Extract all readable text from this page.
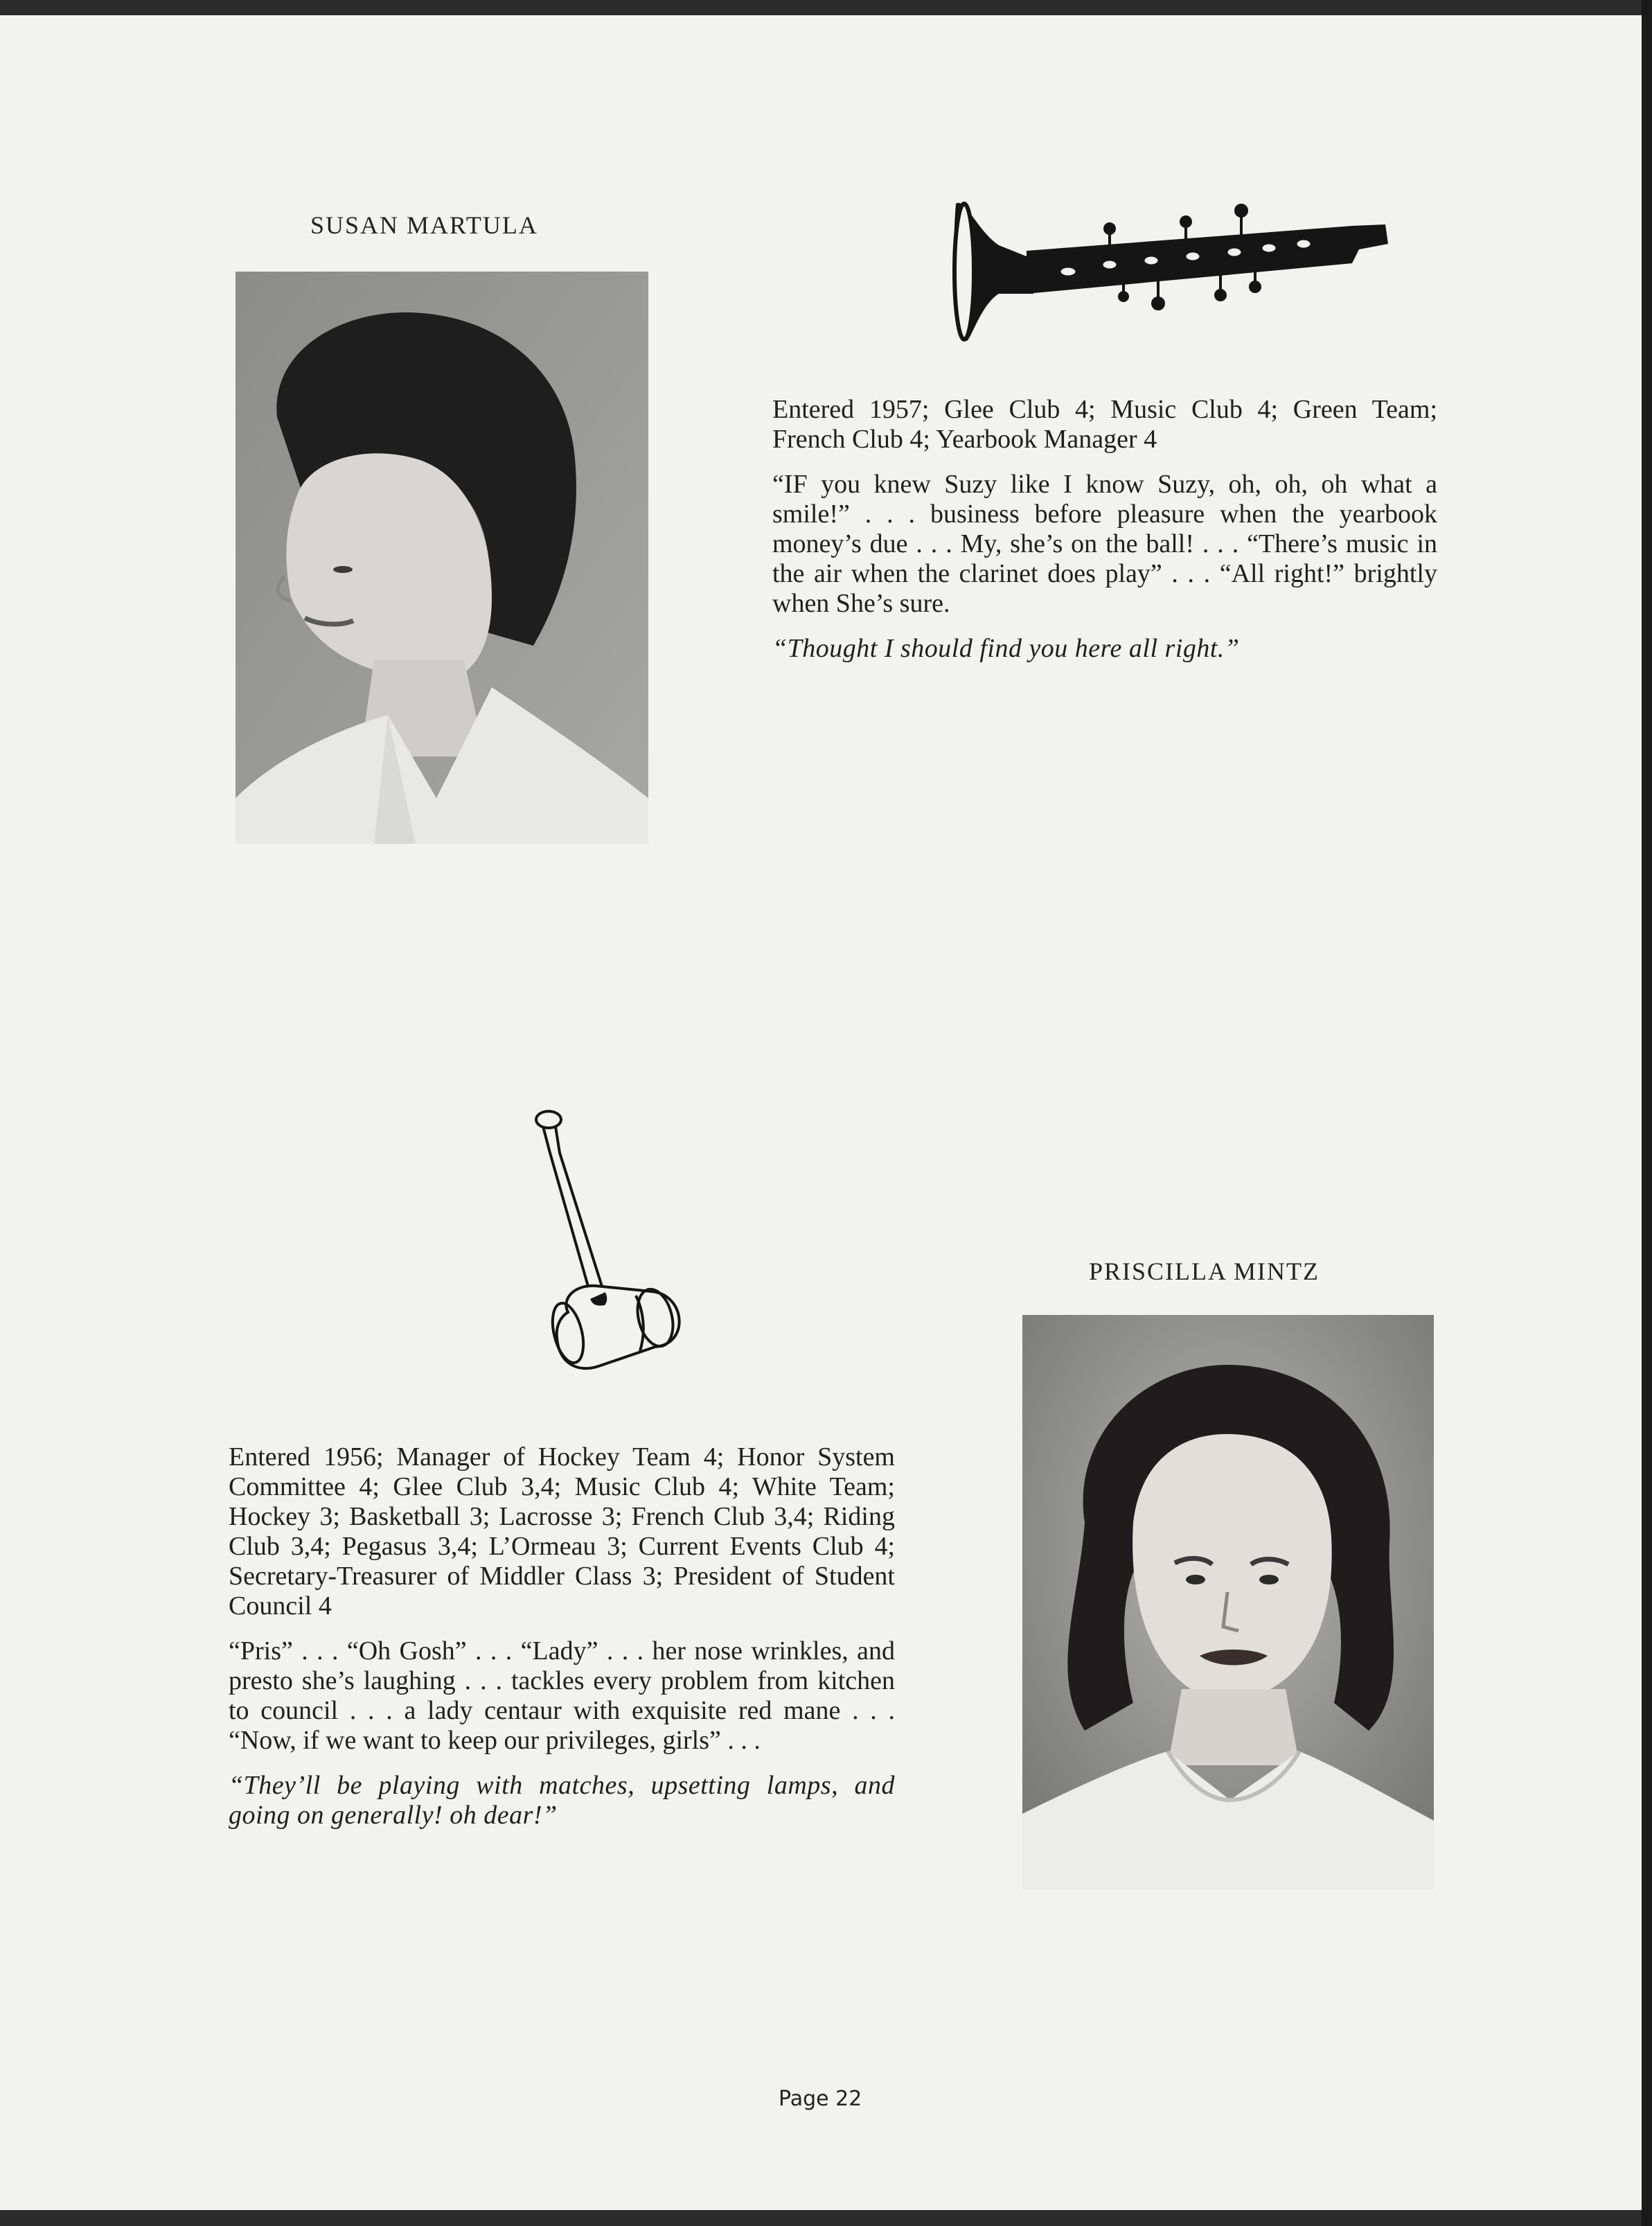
SUSAN MARTULA

Entered 1957; Glee Club 4; Music Club 4; Green Team; French Club 4; Yearbook Manager 4

“IF you knew Suzy like I know Suzy, oh, oh, oh what a smile!” . . . business before pleasure when the yearbook money’s due . . . My, she’s on the ball! . . . “There’s music in the air when the clarinet does play” . . . “All right!” brightly when She’s sure.

“Thought I should find you here all right.”

Entered 1956; Manager of Hockey Team 4; Honor System Committee 4; Glee Club 3,4; Music Club 4; White Team; Hockey 3; Basketball 3; Lacrosse 3; French Club 3,4; Riding Club 3,4; Pegasus 3,4; L’Ormeau 3; Current Events Club 4; Secretary-Treasurer of Middler Class 3; President of Student Council 4

“Pris” . . . “Oh Gosh” . . . “Lady” . . . her nose wrinkles, and presto she’s laughing . . . tackles every problem from kitchen to council . . . a lady centaur with exquisite red mane . . . “Now, if we want to keep our privileges, girls” . . .

“They’ll be playing with matches, upsetting lamps, and going on generally! oh dear!”

PRISCILLA MINTZ
Page 22
